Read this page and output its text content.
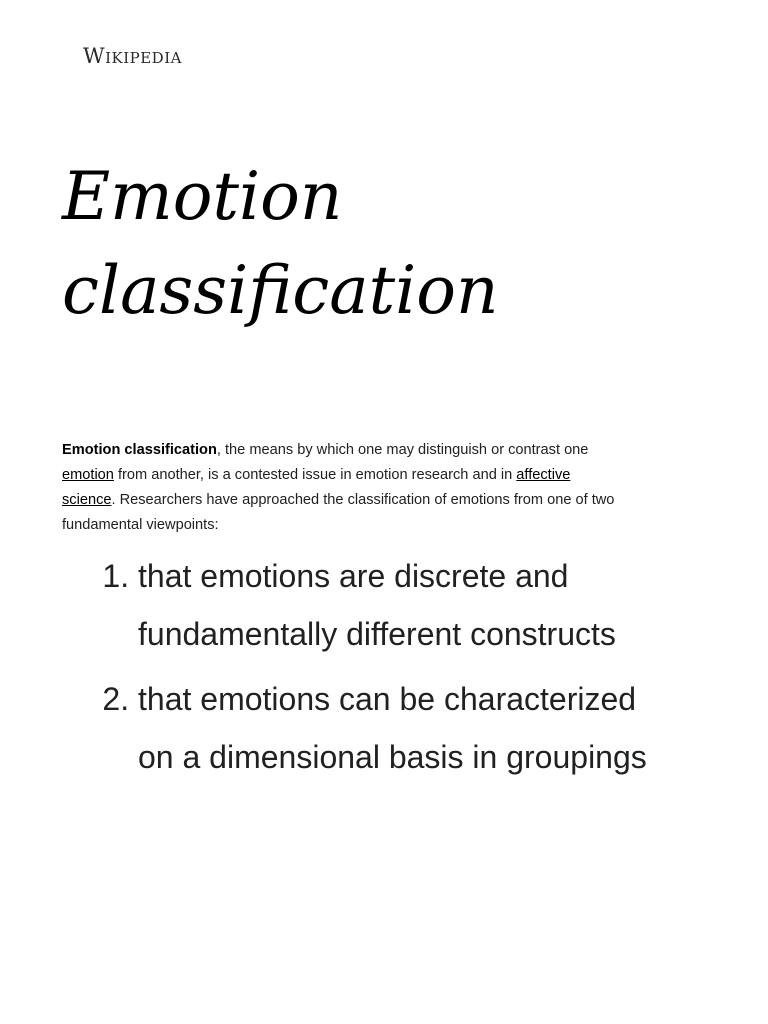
Wikipedia
Emotion
classification

Emotion classification, the means by which one may distinguish or contrast one emotion from another, is a contested issue in emotion research and in affective science. Researchers have approached the classification of emotions from one of two fundamental viewpoints:

1. that emotions are discrete and fundamentally different constructs
2. that emotions can be characterized on a dimensional basis in groupings
